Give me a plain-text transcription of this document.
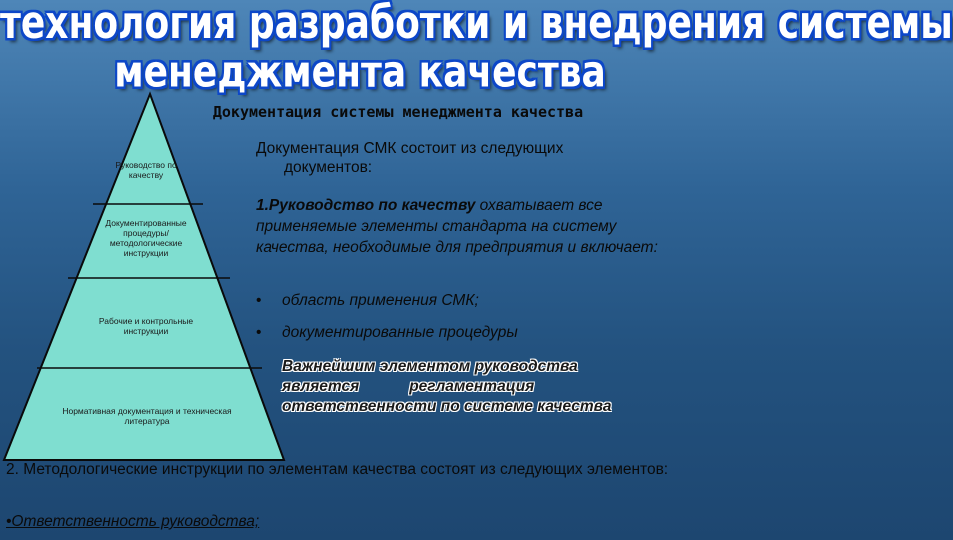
технология разработки и внедрения системы
менеджмента качества
Руководство по качеству
Документированные процедуры/ методологические инструкции
Рабочие и контрольные инструкции
Нормативная документация и техническая литература
Документация системы менеджмента качества
Документация СМК состоит из следующих
документов:
1.Руководство по качеству охватывает все применяемые элементы стандарта на систему качества, необходимые для предприятия и включает:
• область применения СМК;
• документированные процедуры
Важнейшим элементом руководства
является	регламентация
ответственности по системе качества
2. Методологические инструкции по элементам качества состоят из следующих элементов:
•Ответственность руководства;
